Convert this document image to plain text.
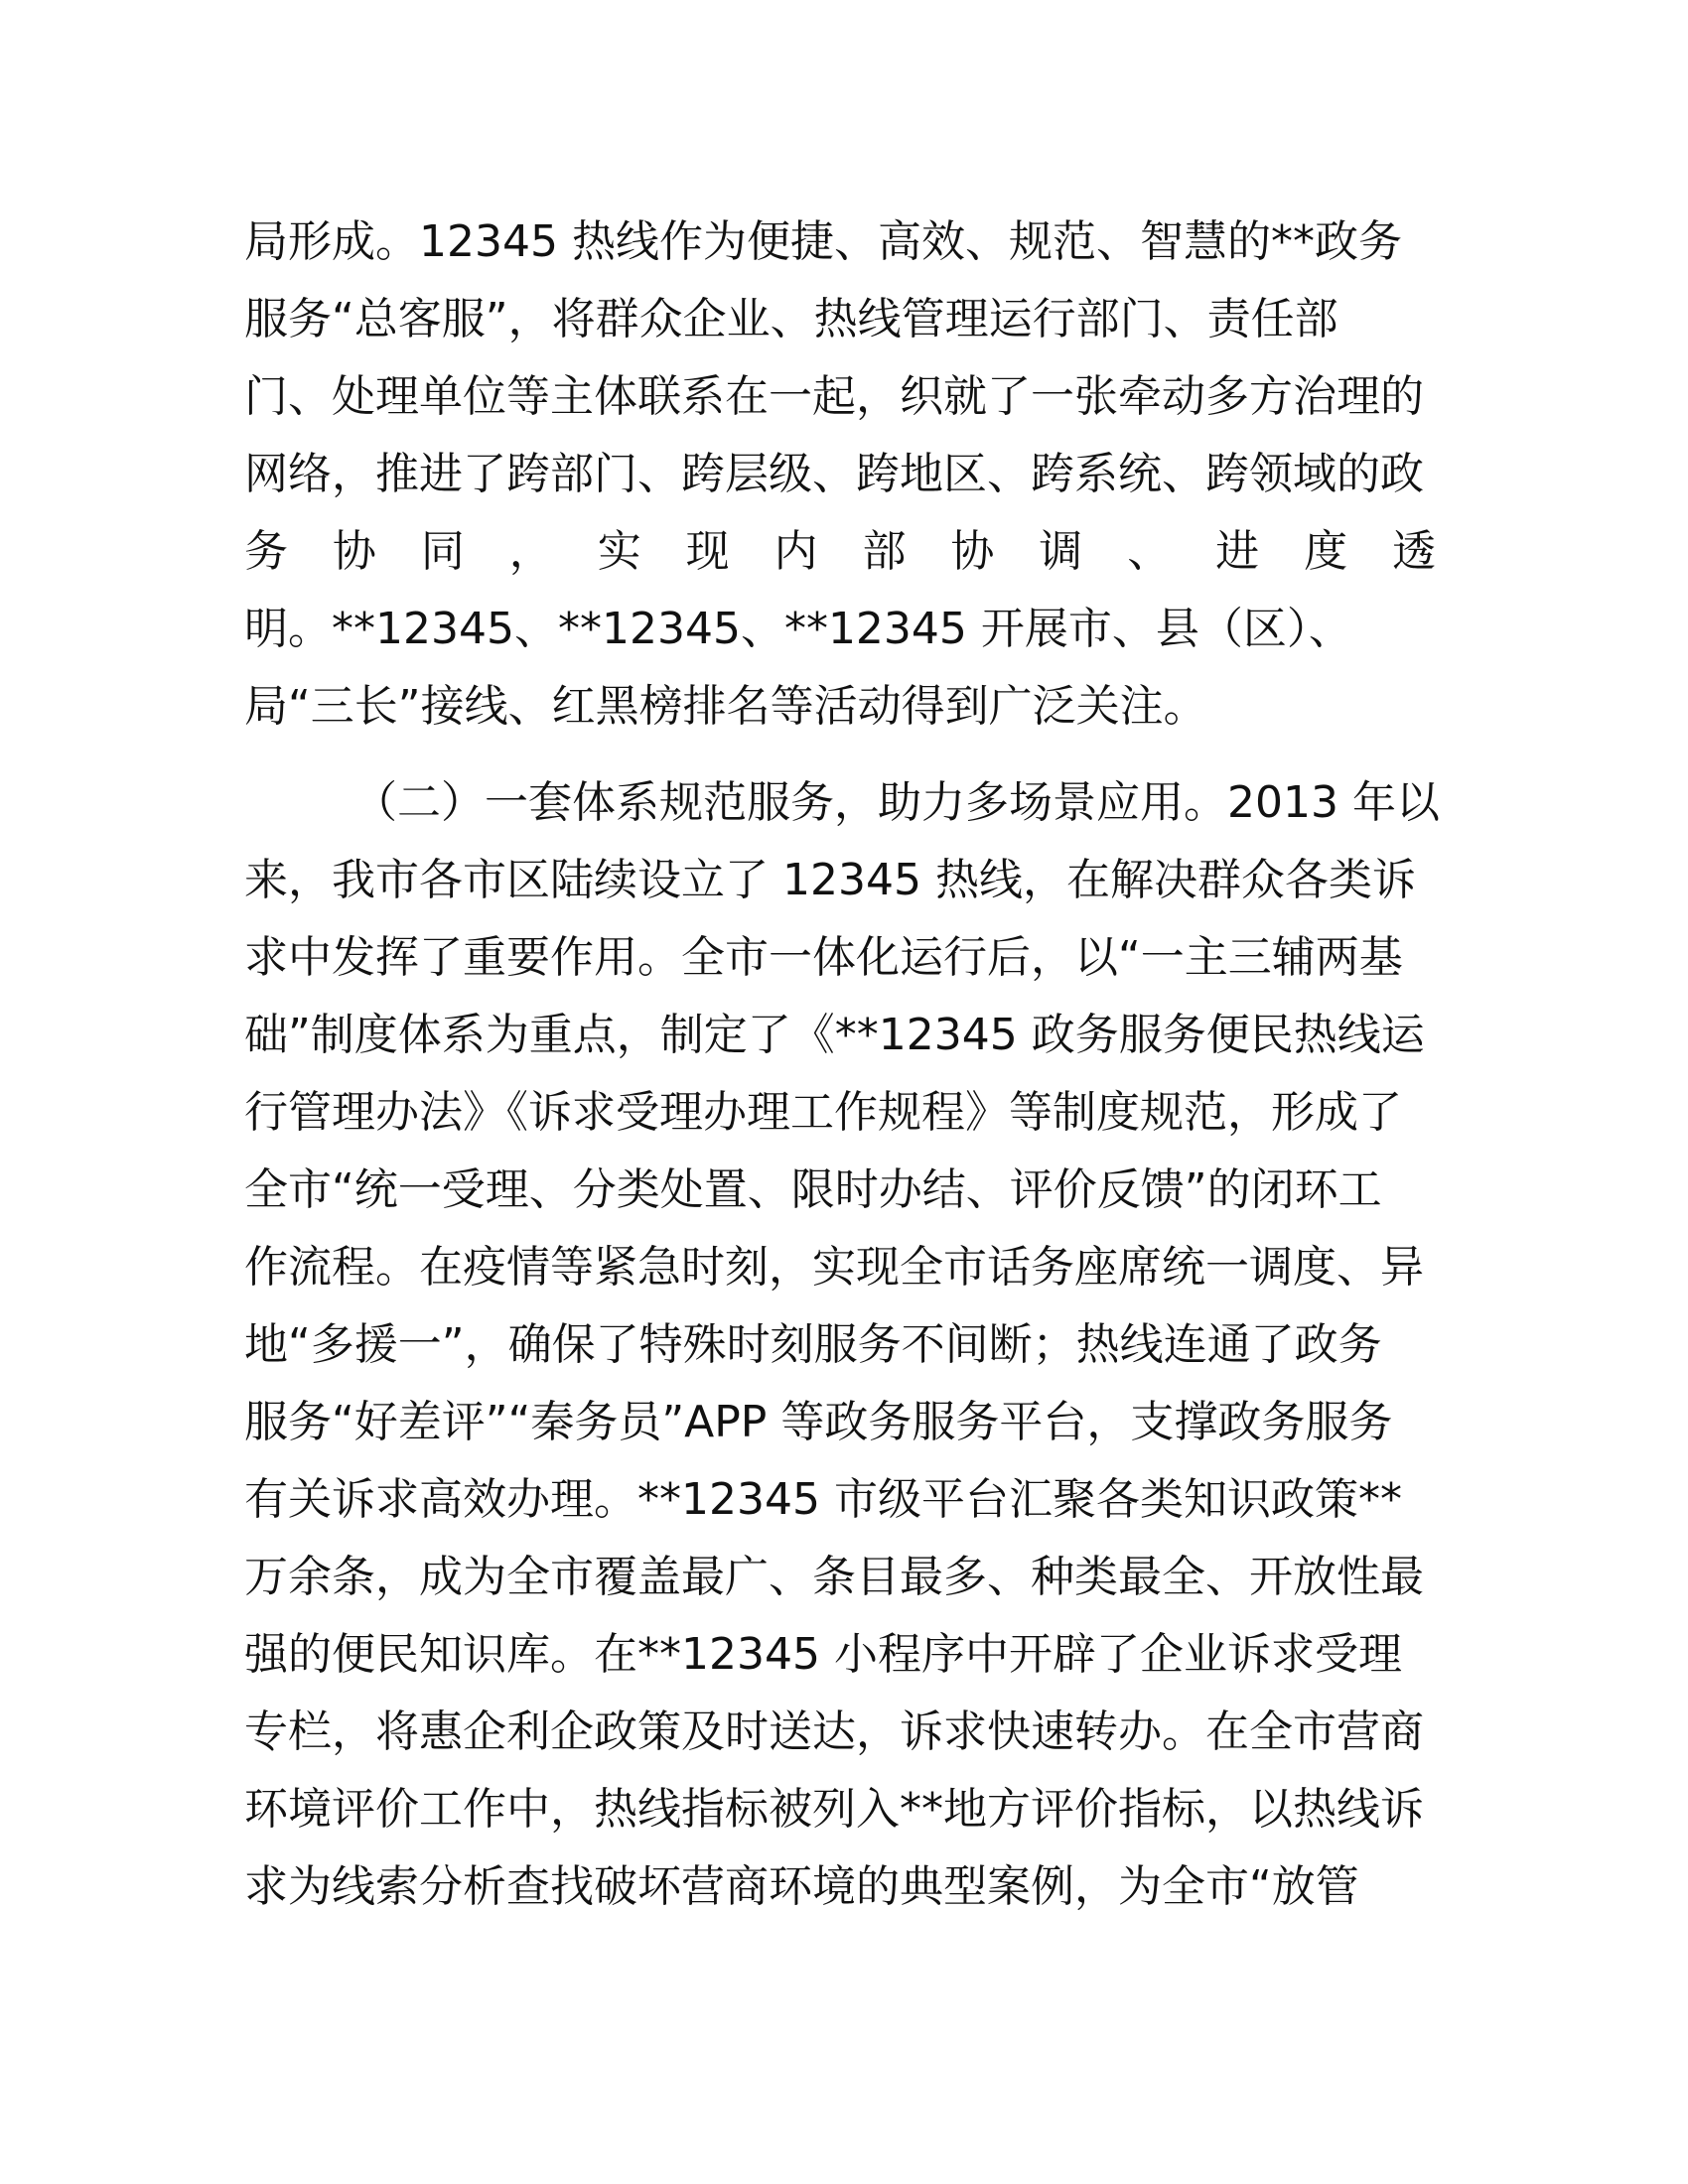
局形成。12345 热线作为便捷、高效、规范、智慧的**政务
服务“总客服”，将群众企业、热线管理运行部门、责任部
门、处理单位等主体联系在一起，织就了一张牵动多方治理的
网络，推进了跨部门、跨层级、跨地区、跨系统、跨领域的政
务 协 同 ， 实 现 内 部 协 调 、 进 度 透
明。**12345、**12345、**12345 开展市、县（区）、
局“三长”接线、红黑榜排名等活动得到广泛关注。
（二）一套体系规范服务，助力多场景应用。2013 年以
来，我市各市区陆续设立了 12345 热线，在解决群众各类诉
求中发挥了重要作用。全市一体化运行后，以“一主三辅两基
础”制度体系为重点，制定了《**12345 政务服务便民热线运
行管理办法》《诉求受理办理工作规程》等制度规范，形成了
全市“统一受理、分类处置、限时办结、评价反馈”的闭环工
作流程。在疫情等紧急时刻，实现全市话务座席统一调度、异
地“多援一”，确保了特殊时刻服务不间断；热线连通了政务
服务“好差评”“秦务员”APP 等政务服务平台，支撑政务服务
有关诉求高效办理。**12345 市级平台汇聚各类知识政策**
万余条，成为全市覆盖最广、条目最多、种类最全、开放性最
强的便民知识库。在**12345 小程序中开辟了企业诉求受理
专栏，将惠企利企政策及时送达，诉求快速转办。在全市营商
环境评价工作中，热线指标被列入**地方评价指标，以热线诉
求为线索分析查找破坏营商环境的典型案例，为全市“放管
